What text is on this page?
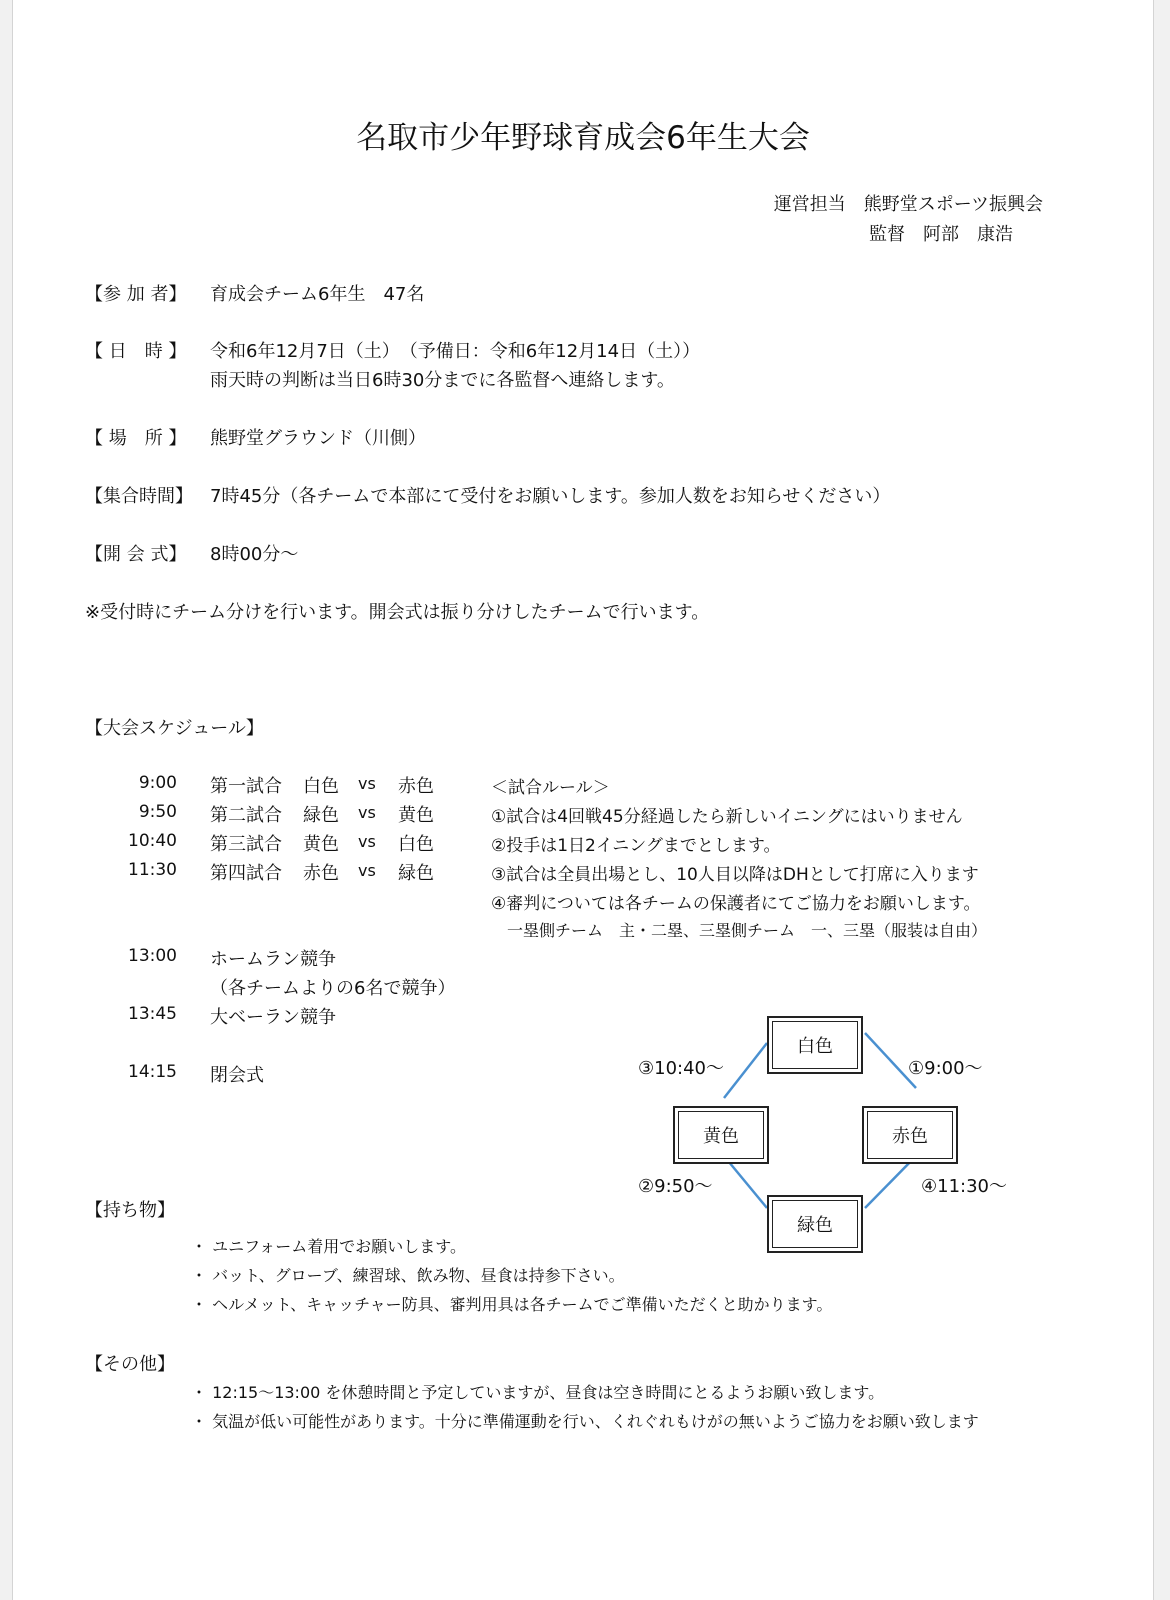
名取市少年野球育成会6年生大会
運営担当　熊野堂スポーツ振興会
監督　阿部　康浩
【参 加 者】 育成会チーム6年生　47名
【 日　時 】 令和6年12月7日（土）　（予備日：令和6年12月14日（土））
雨天時の判断は当日6時30分までに各監督へ連絡します。
【 場　所 】 熊野堂グラウンド（川側）
【集合時間】 7時45分（各チームで本部にて受付をお願いします。参加人数をお知らせください）
【開 会 式】 8時00分～
※受付時にチーム分けを行います。開会式は振り分けしたチームで行います。
【大会スケジュール】
9:00 第一試合 白色 vs 赤色
9:50 第二試合 緑色 vs 黄色
10:40 第三試合 黄色 vs 白色
11:30 第四試合 赤色 vs 緑色
＜試合ルール＞
①試合は4回戦45分経過したら新しいイニングにはいりません
②投手は1日2イニングまでとします。
③試合は全員出場とし、10人目以降はDHとして打席に入ります
④審判については各チームの保護者にてご協力をお願いします。
　一塁側チーム　主・二塁、三塁側チーム　一、三塁（服装は自由）
13:00 ホームラン競争
（各チームよりの6名で競争）
13:45 大ベーラン競争
14:15 閉会式
白色
黄色	赤色
緑色
③10:40～	①9:00～
②9:50～	④11:30～
【持ち物】
・ ユニフォーム着用でお願いします。
・ バット、グローブ、練習球、飲み物、昼食は持参下さい。
・ ヘルメット、キャッチャー防具、審判用具は各チームでご準備いただくと助かります。
【その他】
・ 12:15～13:00 を休憩時間と予定していますが、昼食は空き時間にとるようお願い致します。
・ 気温が低い可能性があります。十分に準備運動を行い、くれぐれもけがの無いようご協力をお願い致します
